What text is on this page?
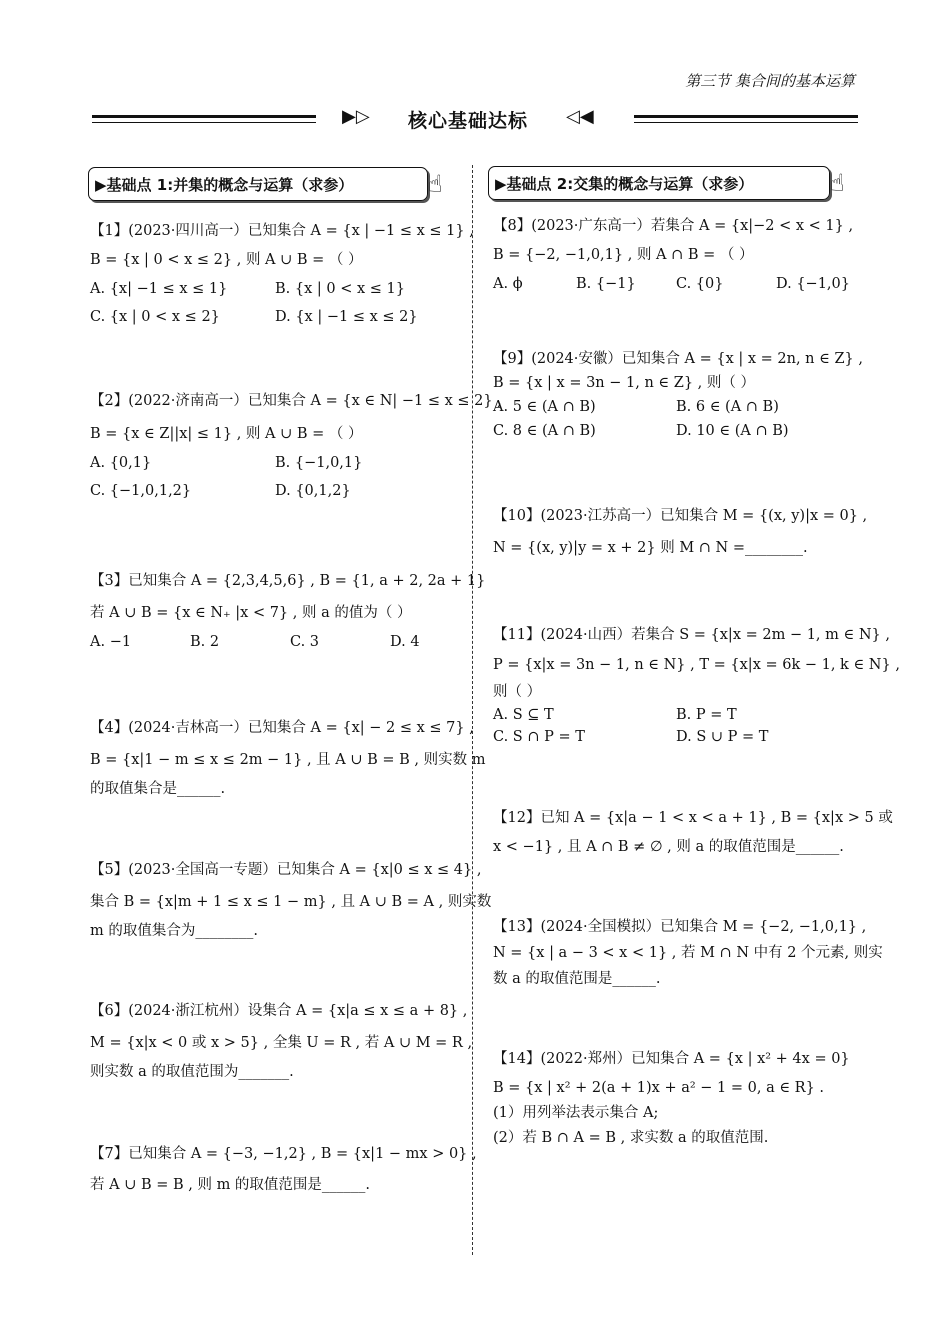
第三节 集合间的基本运算
▶▷ 核心基础达标 ◁◀
▶基础点 1:并集的概念与运算（求参）	☝	▶基础点 2:交集的概念与运算（求参）	☝
【1】(2023·四川高一）已知集合 A = {x | −1 ≤ x ≤ 1} ,
B = {x | 0 < x ≤ 2} , 则 A ∪ B = （ ）
A. {x| −1 ≤ x ≤ 1}	B. {x | 0 < x ≤ 1}
C. {x | 0 < x ≤ 2}	D. {x | −1 ≤ x ≤ 2}
【2】(2022·济南高一）已知集合 A = {x ∈ N| −1 ≤ x ≤ 2} ,
B = {x ∈ Z||x| ≤ 1} , 则 A ∪ B = （ ）
A. {0,1}	B. {−1,0,1}
C. {−1,0,1,2}	D. {0,1,2}
【3】已知集合 A = {2,3,4,5,6} , B = {1, a + 2, 2a + 1}
若 A ∪ B = {x ∈ N₊ |x < 7} , 则 a 的值为（ ）
A. −1	B. 2	C. 3	D. 4
【4】(2024·吉林高一）已知集合 A = {x| − 2 ≤ x ≤ 7} ,
B = {x|1 − m ≤ x ≤ 2m − 1} , 且 A ∪ B = B , 则实数 m
的取值集合是______.
【5】(2023·全国高一专题）已知集合 A = {x|0 ≤ x ≤ 4} ,
集合 B = {x|m + 1 ≤ x ≤ 1 − m} , 且 A ∪ B = A , 则实数
m 的取值集合为________.
【6】(2024·浙江杭州）设集合 A = {x|a ≤ x ≤ a + 8} ,
M = {x|x < 0 或 x > 5} , 全集 U = R , 若 A ∪ M = R ,
则实数 a 的取值范围为_______.
【7】已知集合 A = {−3, −1,2} , B = {x|1 − mx > 0} ,
若 A ∪ B = B , 则 m 的取值范围是______.
【8】(2023·广东高一）若集合 A = {x|−2 < x < 1} ,
B = {−2, −1,0,1} , 则 A ∩ B = （ ）
A. ϕ	B. {−1}	C. {0}	D. {−1,0}
【9】(2024·安徽）已知集合 A = {x | x = 2n, n ∈ Z} ,
B = {x | x = 3n − 1, n ∈ Z} , 则（ ）
A. 5 ∈ (A ∩ B)	B. 6 ∈ (A ∩ B)
C. 8 ∈ (A ∩ B)	D. 10 ∈ (A ∩ B)
【10】(2023·江苏高一）已知集合 M = {(x, y)|x = 0} ,
N = {(x, y)|y = x + 2} 则 M ∩ N =________.
【11】(2024·山西）若集合 S = {x|x = 2m − 1, m ∈ N} ,
P = {x|x = 3n − 1, n ∈ N} , T = {x|x = 6k − 1, k ∈ N} ,
则（ ）
A. S ⊆ T	B. P = T
C. S ∩ P = T	D. S ∪ P = T
【12】已知 A = {x|a − 1 < x < a + 1} , B = {x|x > 5 或
x < −1} , 且 A ∩ B ≠ ∅ , 则 a 的取值范围是______.
【13】(2024·全国模拟）已知集合 M = {−2, −1,0,1} ,
N = {x | a − 3 < x < 1} , 若 M ∩ N 中有 2 个元素, 则实
数 a 的取值范围是______.
【14】(2022·郑州）已知集合 A = {x | x² + 4x = 0}
B = {x | x² + 2(a + 1)x + a² − 1 = 0, a ∈ R} .
(1）用列举法表示集合 A;
(2）若 B ∩ A = B , 求实数 a 的取值范围.
